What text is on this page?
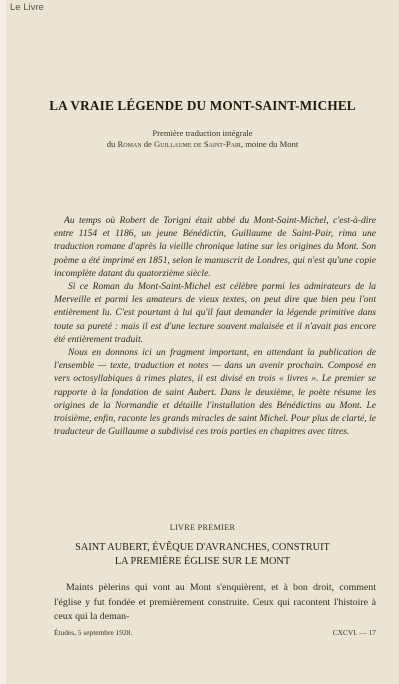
Le Livre
LA VRAIE LÉGENDE DU MONT-SAINT-MICHEL
Première traduction intégrale
du Roman de Guillaume de Saint-Pair, moine du Mont

Au temps où Robert de Torigni était abbé du Mont-Saint-Michel, c'est-à-dire entre 1154 et 1186, un jeune Bénédictin, Guillaume de Saint-Pair, rima une traduction romane d'après la vieille chronique latine sur les origines du Mont. Son poème a été imprimé en 1851, selon le manuscrit de Londres, qui n'est qu'une copie incomplète datant du quatorzième siècle.

Si ce Roman du Mont-Saint-Michel est célèbre parmi les admirateurs de la Merveille et parmi les amateurs de vieux textes, on peut dire que bien peu l'ont entièrement lu. C'est pourtant à lui qu'il faut demander la légende primitive dans toute sa pureté : mais il est d'une lecture souvent malaisée et il n'avait pas encore été entièrement traduit.

Nous en donnons ici un fragment important, en attendant la publication de l'ensemble — texte, traduction et notes — dans un avenir prochain. Composé en vers octosyllabiques à rimes plates, il est divisé en trois « livres ». Le premier se rapporte à la fondation de saint Aubert. Dans le deuxième, le poète résume les origines de la Normandie et détaille l'installation des Bénédictins au Mont. Le troisième, enfin, raconte les grands miracles de saint Michel. Pour plus de clarté, le traducteur de Guillaume a subdivisé ces trois parties en chapitres avec titres.

LIVRE PREMIER
SAINT AUBERT, ÉVÊQUE D'AVRANCHES, CONSTRUIT
LA PREMIÈRE ÉGLISE SUR LE MONT

Maints pèlerins qui vont au Mont s'enquièrent, et à bon droit, comment l'église y fut fondée et premièrement construite. Ceux qui racontent l'histoire à ceux qui la deman-

Études, 5 septembre 1928.	CXCVI. — 17
